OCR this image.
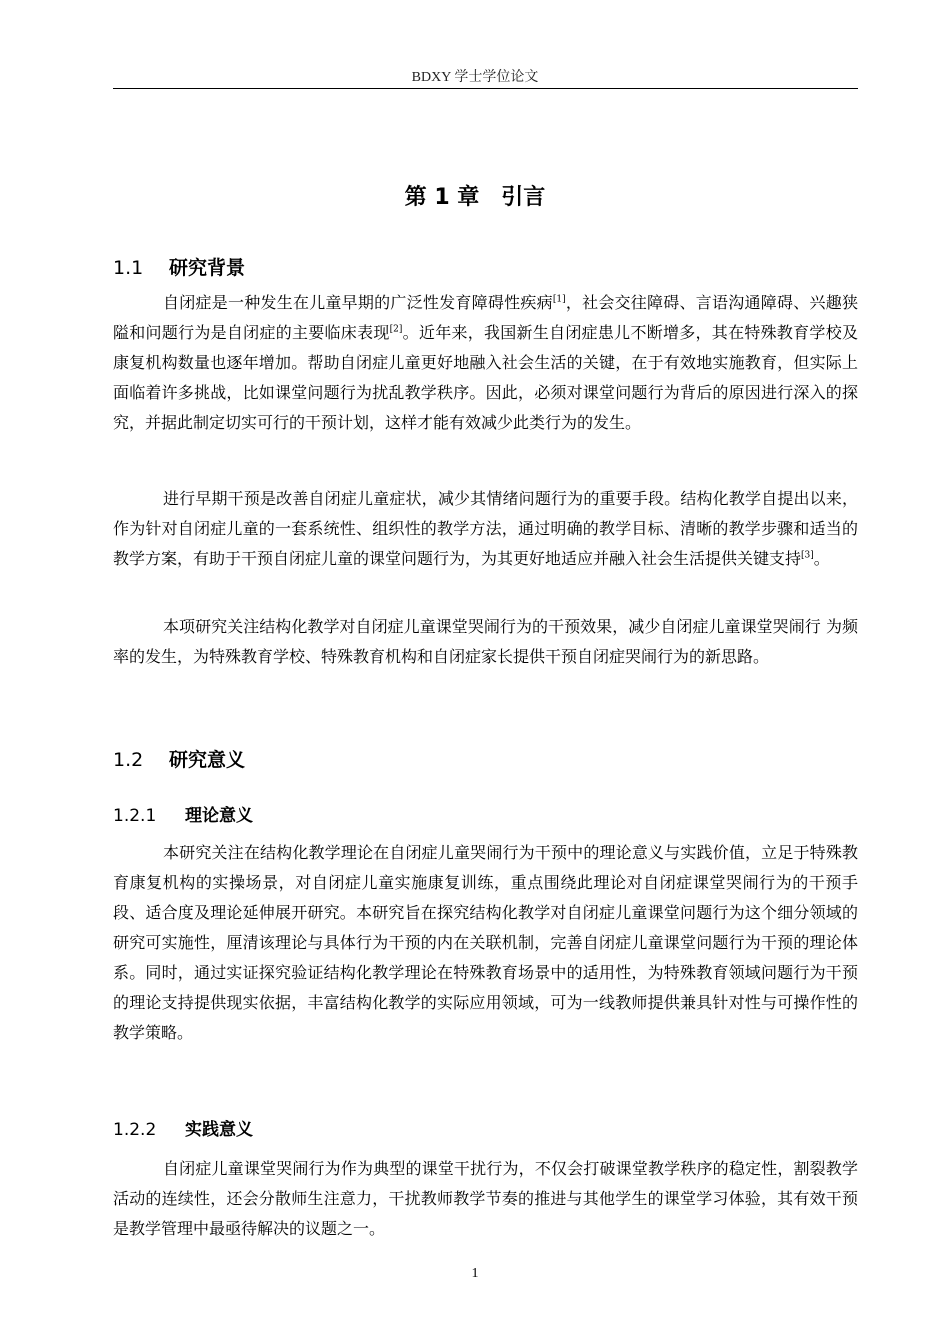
BDXY 学士学位论文
第 1 章　引言
1.1 研究背景

自闭症是一种发生在儿童早期的广泛性发育障碍性疾病[1]，社会交往障碍、言语沟通障碍、兴趣狭隘和问题行为是自闭症的主要临床表现[2]。近年来，我国新生自闭症患儿不断增多，其在特殊教育学校及康复机构数量也逐年增加。帮助自闭症儿童更好地融入社会生活的关键，在于有效地实施教育，但实际上面临着许多挑战，比如课堂问题行为扰乱教学秩序。因此，必须对课堂问题行为背后的原因进行深入的探究，并据此制定切实可行的干预计划，这样才能有效减少此类行为的发生。

进行早期干预是改善自闭症儿童症状，减少其情绪问题行为的重要手段。结构化教学自提出以来，作为针对自闭症儿童的一套系统性、组织性的教学方法，通过明确的教学目标、清晰的教学步骤和适当的教学方案，有助于干预自闭症儿童的课堂问题行为，为其更好地适应并融入社会生活提供关键支持[3]。

本项研究关注结构化教学对自闭症儿童课堂哭闹行为的干预效果，减少自闭症儿童课堂哭闹行 为频率的发生，为特殊教育学校、特殊教育机构和自闭症家长提供干预自闭症哭闹行为的新思路。

1.2 研究意义
1.2.1 理论意义

本研究关注在结构化教学理论在自闭症儿童哭闹行为干预中的理论意义与实践价值，立足于特殊教育康复机构的实操场景，对自闭症儿童实施康复训练，重点围绕此理论对自闭症课堂哭闹行为的干预手段、适合度及理论延伸展开研究。本研究旨在探究结构化教学对自闭症儿童课堂问题行为这个细分领域的研究可实施性，厘清该理论与具体行为干预的内在关联机制，完善自闭症儿童课堂问题行为干预的理论体系。同时，通过实证探究验证结构化教学理论在特殊教育场景中的适用性，为特殊教育领域问题行为干预的理论支持提供现实依据，丰富结构化教学的实际应用领域，可为一线教师提供兼具针对性与可操作性的教学策略。

1.2.2 实践意义

自闭症儿童课堂哭闹行为作为典型的课堂干扰行为，不仅会打破课堂教学秩序的稳定性，割裂教学活动的连续性，还会分散师生注意力，干扰教师教学节奏的推进与其他学生的课堂学习体验，其有效干预是教学管理中最亟待解决的议题之一。

1
